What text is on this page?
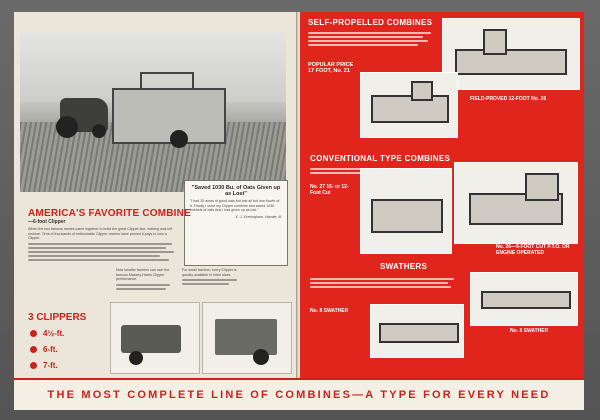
"Saved 1030 Bu. of Oats Given up as Lost"
"I had 30 acres of good oats but lost all but one-fourth of it. Finally I used my Clipper combine and saved 1030 bushels of oats that I had given up as lost."
E. J. Everingham, Hamlet, Ill.
AMERICA'S FAVORITE COMBINE
—6-foot Clipper
When the two famous names came together to build the great Clipper line, nothing was left undone. Tens of thousands of enthusiastic Clipper owners have proved it pays to own a Clipper.
Now smaller farmers can own the famous Massey-Harris Clipper performance.
For small tractors, every Clipper is quickly available in three sizes.
3 CLIPPERS
4½-ft.
6-ft.
7-ft.
SELF-PROPELLED COMBINES
POPULAR PRICE 17 FOOT, No. 21
FIELD-PROVED 12-FOOT No. 26
CONVENTIONAL TYPE COMBINES
No. 27 16- or 12-Foot Cut
No. 26—9-FOOT CUT P.T.O. OR ENGINE OPERATED
SWATHERS
No. 8 SWATHER
No. 8 SWATHER
THE MOST COMPLETE LINE OF COMBINES—A TYPE FOR EVERY NEED
